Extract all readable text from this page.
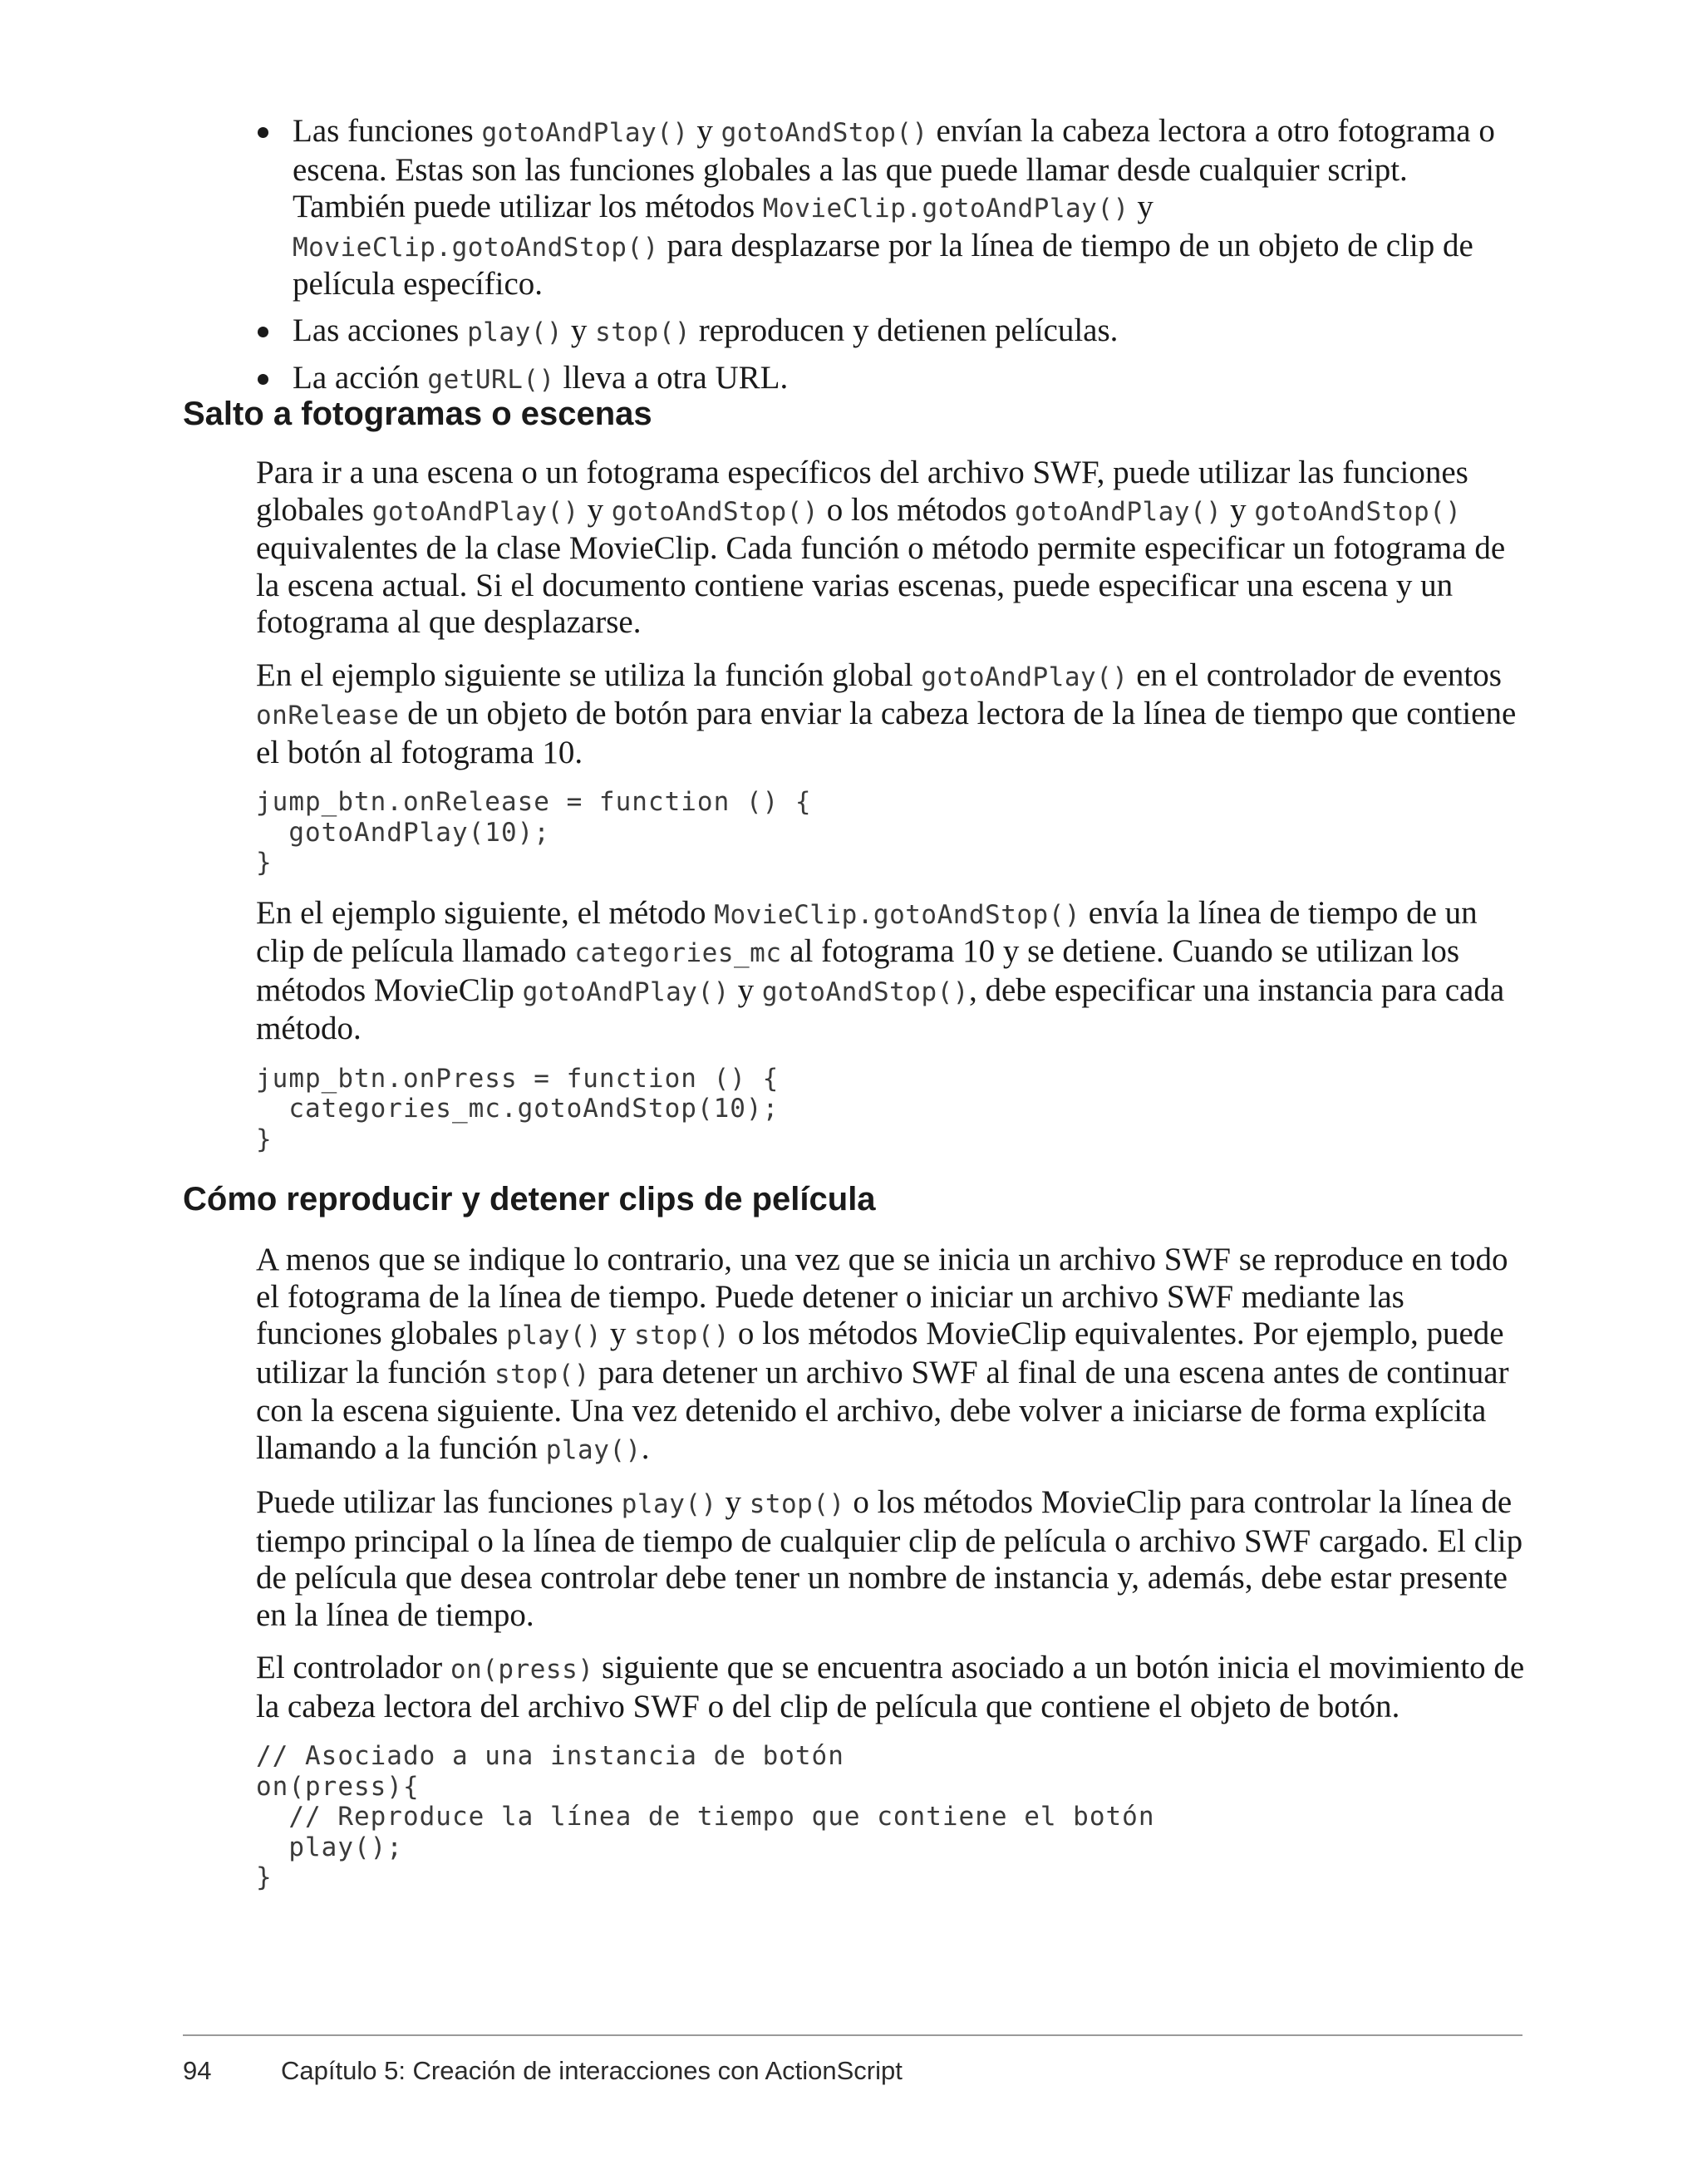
Las funciones gotoAndPlay() y gotoAndStop() envían la cabeza lectora a otro fotograma o escena. Estas son las funciones globales a las que puede llamar desde cualquier script. También puede utilizar los métodos MovieClip.gotoAndPlay() y MovieClip.gotoAndStop() para desplazarse por la línea de tiempo de un objeto de clip de película específico.

Las acciones play() y stop() reproducen y detienen películas.

La acción getURL() lleva a otra URL.

Salto a fotogramas o escenas

Para ir a una escena o un fotograma específicos del archivo SWF, puede utilizar las funciones globales gotoAndPlay() y gotoAndStop() o los métodos gotoAndPlay() y gotoAndStop() equivalentes de la clase MovieClip. Cada función o método permite especificar un fotograma de la escena actual. Si el documento contiene varias escenas, puede especificar una escena y un fotograma al que desplazarse.

En el ejemplo siguiente se utiliza la función global gotoAndPlay() en el controlador de eventos onRelease de un objeto de botón para enviar la cabeza lectora de la línea de tiempo que contiene el botón al fotograma 10.

jump_btn.onRelease = function () {
gotoAndPlay(10);
}

En el ejemplo siguiente, el método MovieClip.gotoAndStop() envía la línea de tiempo de un clip de película llamado categories_mc al fotograma 10 y se detiene. Cuando se utilizan los métodos MovieClip gotoAndPlay() y gotoAndStop(), debe especificar una instancia para cada método.

jump_btn.onPress = function () {
categories_mc.gotoAndStop(10);
}
Cómo reproducir y detener clips de película

A menos que se indique lo contrario, una vez que se inicia un archivo SWF se reproduce en todo el fotograma de la línea de tiempo. Puede detener o iniciar un archivo SWF mediante las funciones globales play() y stop() o los métodos MovieClip equivalentes. Por ejemplo, puede utilizar la función stop() para detener un archivo SWF al final de una escena antes de continuar con la escena siguiente. Una vez detenido el archivo, debe volver a iniciarse de forma explícita llamando a la función play().

Puede utilizar las funciones play() y stop() o los métodos MovieClip para controlar la línea de tiempo principal o la línea de tiempo de cualquier clip de película o archivo SWF cargado. El clip de película que desea controlar debe tener un nombre de instancia y, además, debe estar presente en la línea de tiempo.

El controlador on(press) siguiente que se encuentra asociado a un botón inicia el movimiento de la cabeza lectora del archivo SWF o del clip de película que contiene el objeto de botón.

// Asociado a una instancia de botón
on(press){
// Reproduce la línea de tiempo que contiene el botón
play();
}
94	Capítulo 5: Creación de interacciones con ActionScript
